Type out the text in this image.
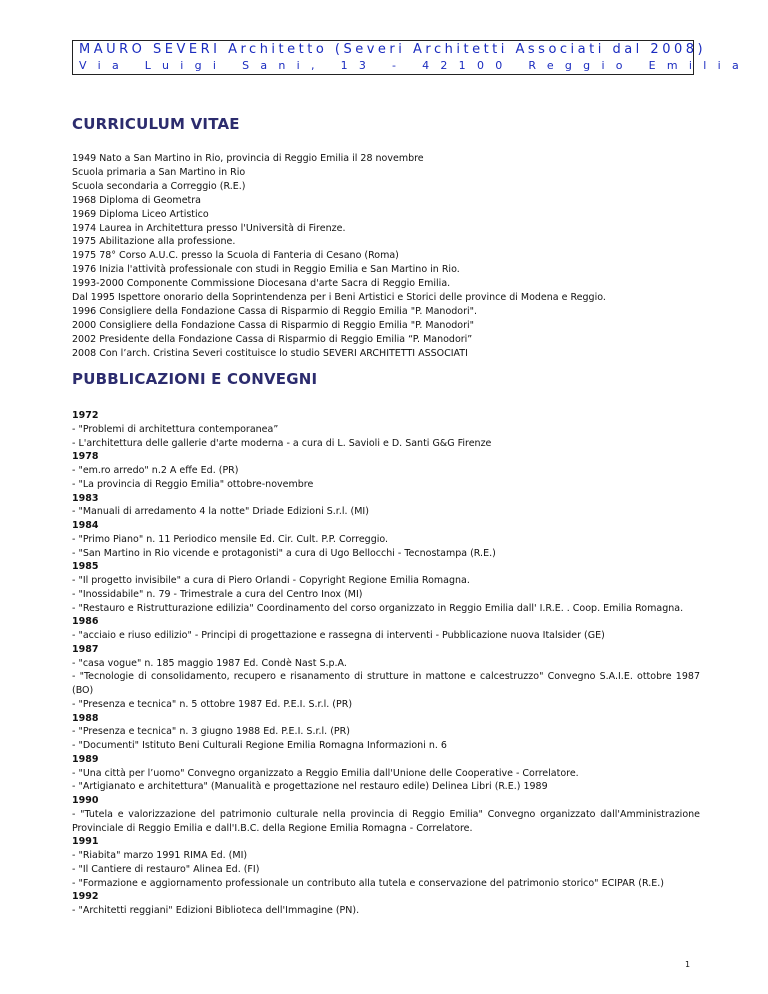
MAURO SEVERI Architetto (Severi Architetti Associati dal 2008)
Via Luigi Sani, 13 - 42100 Reggio Emilia
CURRICULUM VITAE
1949 Nato a San Martino in Rio, provincia di Reggio Emilia il 28 novembre
Scuola primaria a San Martino in Rio
Scuola secondaria a Correggio (R.E.)
1968 Diploma di Geometra
1969 Diploma Liceo Artistico
1974 Laurea in Architettura presso l'Università di Firenze.
1975 Abilitazione alla professione.
1975 78° Corso A.U.C. presso la Scuola di Fanteria di Cesano (Roma)
1976 Inizia l'attività professionale con studi in Reggio Emilia e San Martino in Rio.
1993-2000 Componente Commissione Diocesana d'arte Sacra di Reggio Emilia.
Dal 1995 Ispettore onorario della Soprintendenza per i Beni Artistici e Storici delle province di Modena e Reggio.
1996 Consigliere della Fondazione Cassa di Risparmio di Reggio Emilia "P. Manodori".
2000 Consigliere della Fondazione Cassa di Risparmio di Reggio Emilia "P. Manodori"
2002 Presidente della Fondazione Cassa di Risparmio di Reggio Emilia “P. Manodori”
2008 Con l’arch. Cristina Severi costituisce lo studio SEVERI ARCHITETTI ASSOCIATI
PUBBLICAZIONI E CONVEGNI
1972
- "Problemi di architettura contemporanea”
- L'architettura delle gallerie d'arte moderna - a cura di L. Savioli e D. Santi G&G Firenze
1978
- "em.ro arredo" n.2 A effe Ed. (PR)
- "La provincia di Reggio Emilia" ottobre-novembre
1983
- "Manuali di arredamento 4 la notte" Driade Edizioni S.r.l. (MI)
1984
- "Primo Piano" n. 11 Periodico mensile Ed. Cir. Cult. P.P. Correggio.
- "San Martino in Rio vicende e protagonisti" a cura di Ugo Bellocchi - Tecnostampa (R.E.)
1985
- "Il progetto invisibile" a cura di Piero Orlandi - Copyright Regione Emilia Romagna.
- "Inossidabile" n. 79 - Trimestrale a cura del Centro Inox (MI)
- "Restauro e Ristrutturazione edilizia" Coordinamento del corso organizzato in Reggio Emilia dall' I.R.E. . Coop. Emilia Romagna.
1986
- "acciaio e riuso edilizio" - Principi di progettazione e rassegna di interventi - Pubblicazione nuova Italsider (GE)
1987
- "casa vogue" n. 185 maggio 1987 Ed. Condè Nast S.p.A.
- "Tecnologie di consolidamento, recupero e risanamento di strutture in mattone e calcestruzzo" Convegno S.A.I.E. ottobre 1987 (BO)
- "Presenza e tecnica" n. 5 ottobre 1987 Ed. P.E.I. S.r.l. (PR)
1988
- "Presenza e tecnica" n. 3 giugno 1988 Ed. P.E.I. S.r.l. (PR)
- "Documenti" Istituto Beni Culturali Regione Emilia Romagna Informazioni n. 6
1989
- "Una città per l’uomo" Convegno organizzato a Reggio Emilia dall'Unione delle Cooperative - Correlatore.
- "Artigianato e architettura" (Manualità e progettazione nel restauro edile) Delinea Libri (R.E.) 1989
1990
- "Tutela e valorizzazione del patrimonio culturale nella provincia di Reggio Emilia" Convegno organizzato dall'Amministrazione Provinciale di Reggio Emilia e dall'I.B.C. della Regione Emilia Romagna - Correlatore.
1991
- "Riabita" marzo 1991 RIMA Ed. (MI)
- "Il Cantiere di restauro" Alinea Ed. (FI)
- "Formazione e aggiornamento professionale un contributo alla tutela e conservazione del patrimonio storico" ECIPAR (R.E.)
1992
- "Architetti reggiani" Edizioni Biblioteca dell'Immagine (PN).
1
